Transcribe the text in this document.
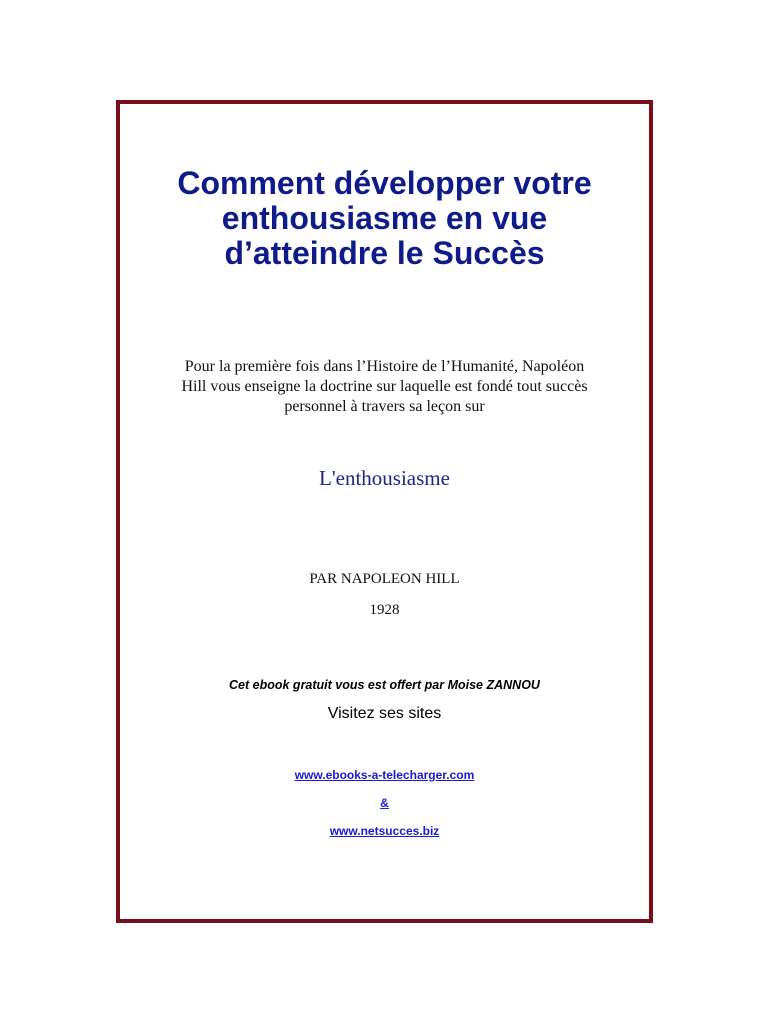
Comment développer votre
enthousiasme en vue
d’atteindre le Succès

Pour la première fois dans l’Histoire de l’Humanité, Napoléon
Hill vous enseigne la doctrine sur laquelle est fondé tout succès
personnel à travers sa leçon sur

L'enthousiasme

PAR NAPOLEON HILL

1928

Cet ebook gratuit vous est offert par Moise ZANNOU

Visitez ses sites

www.ebooks-a-telecharger.com

&

www.netsucces.biz
